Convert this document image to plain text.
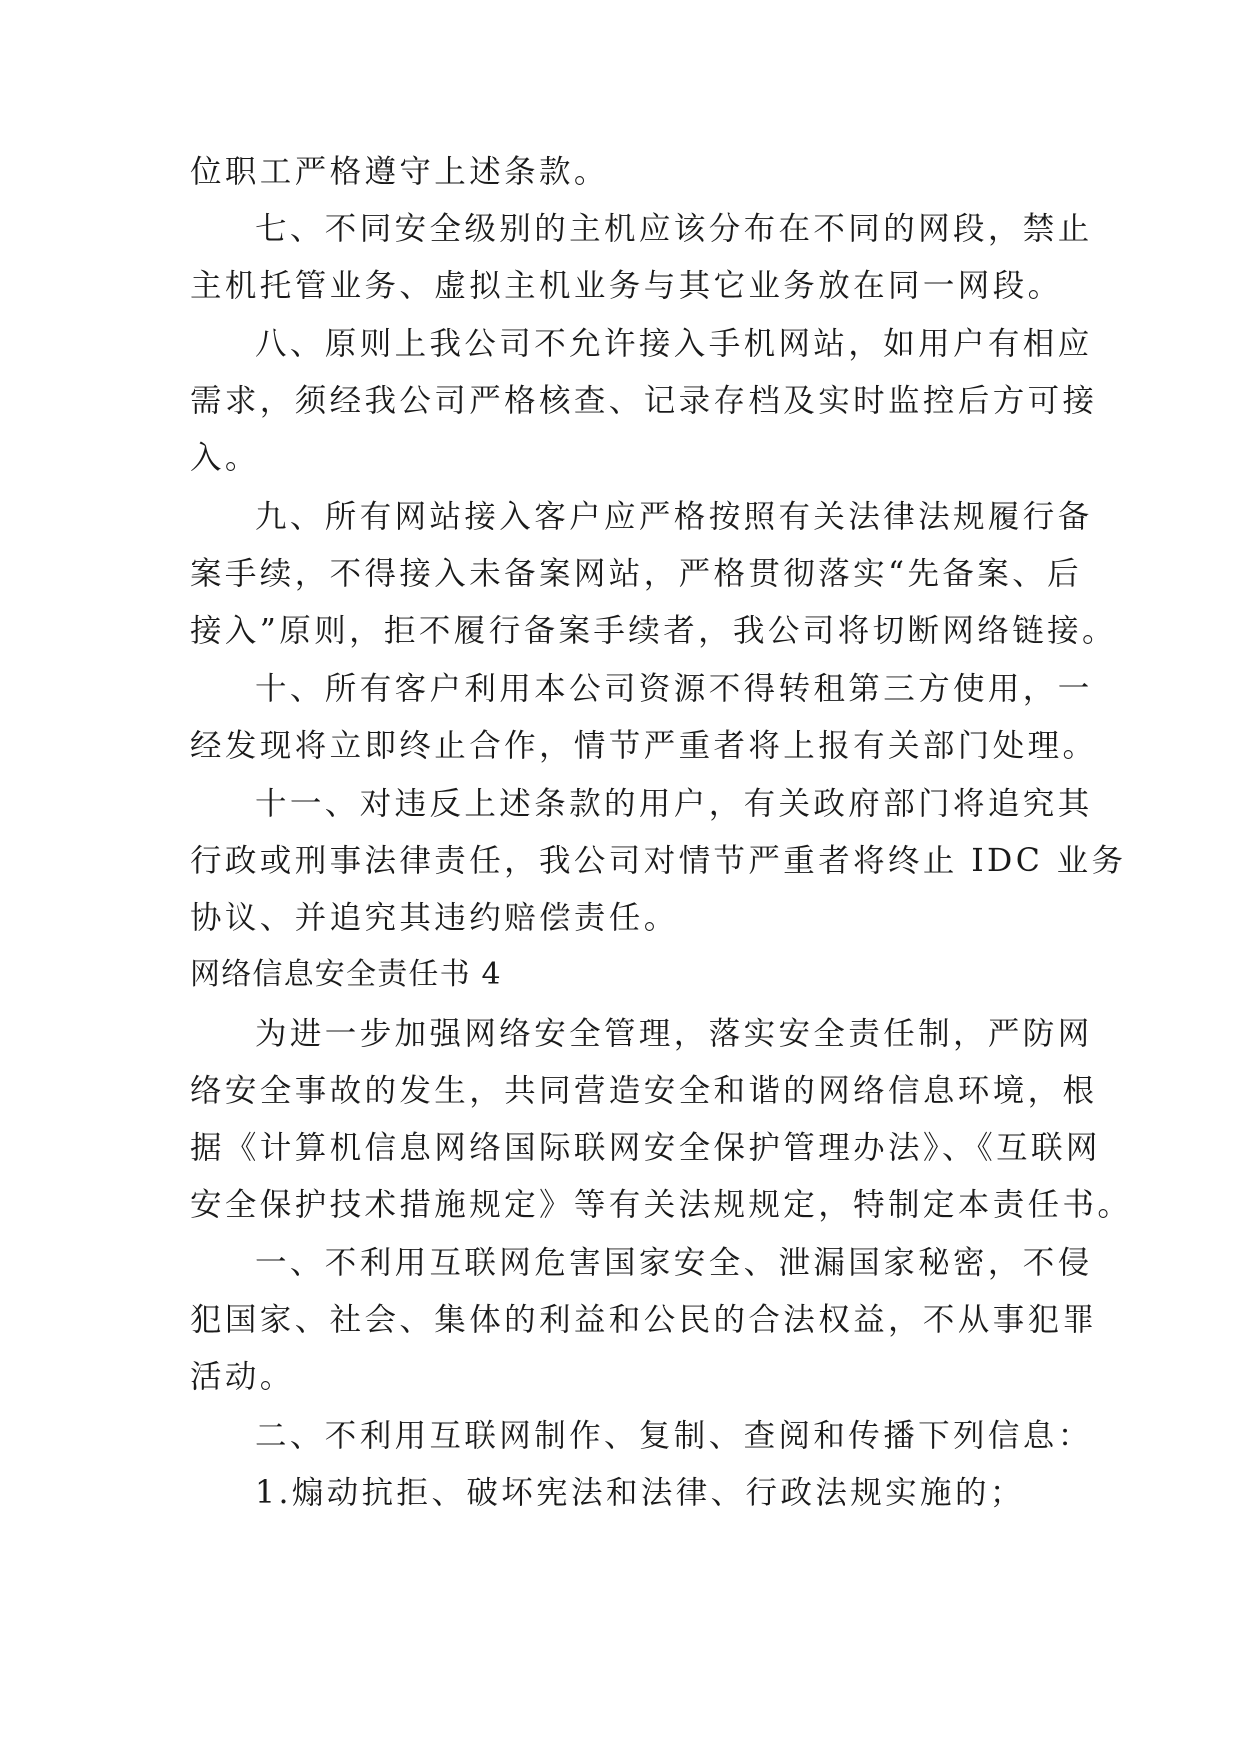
位职工严格遵守上述条款。
七、不同安全级别的主机应该分布在不同的网段，禁止
主机托管业务、虚拟主机业务与其它业务放在同一网段。
八、原则上我公司不允许接入手机网站，如用户有相应
需求，须经我公司严格核查、记录存档及实时监控后方可接
入。
九、所有网站接入客户应严格按照有关法律法规履行备
案手续，不得接入未备案网站，严格贯彻落实“先备案、后
接入”原则，拒不履行备案手续者，我公司将切断网络链接。
十、所有客户利用本公司资源不得转租第三方使用，一
经发现将立即终止合作，情节严重者将上报有关部门处理。
十一、对违反上述条款的用户，有关政府部门将追究其
行政或刑事法律责任，我公司对情节严重者将终止 IDC 业务
协议、并追究其违约赔偿责任。
网络信息安全责任书 4
为进一步加强网络安全管理，落实安全责任制，严防网
络安全事故的发生，共同营造安全和谐的网络信息环境，根
据《计算机信息网络国际联网安全保护管理办法》、《互联网
安全保护技术措施规定》等有关法规规定，特制定本责任书。
一、不利用互联网危害国家安全、泄漏国家秘密，不侵
犯国家、社会、集体的利益和公民的合法权益，不从事犯罪
活动。
二、不利用互联网制作、复制、查阅和传播下列信息：
1.煽动抗拒、破坏宪法和法律、行政法规实施的；
